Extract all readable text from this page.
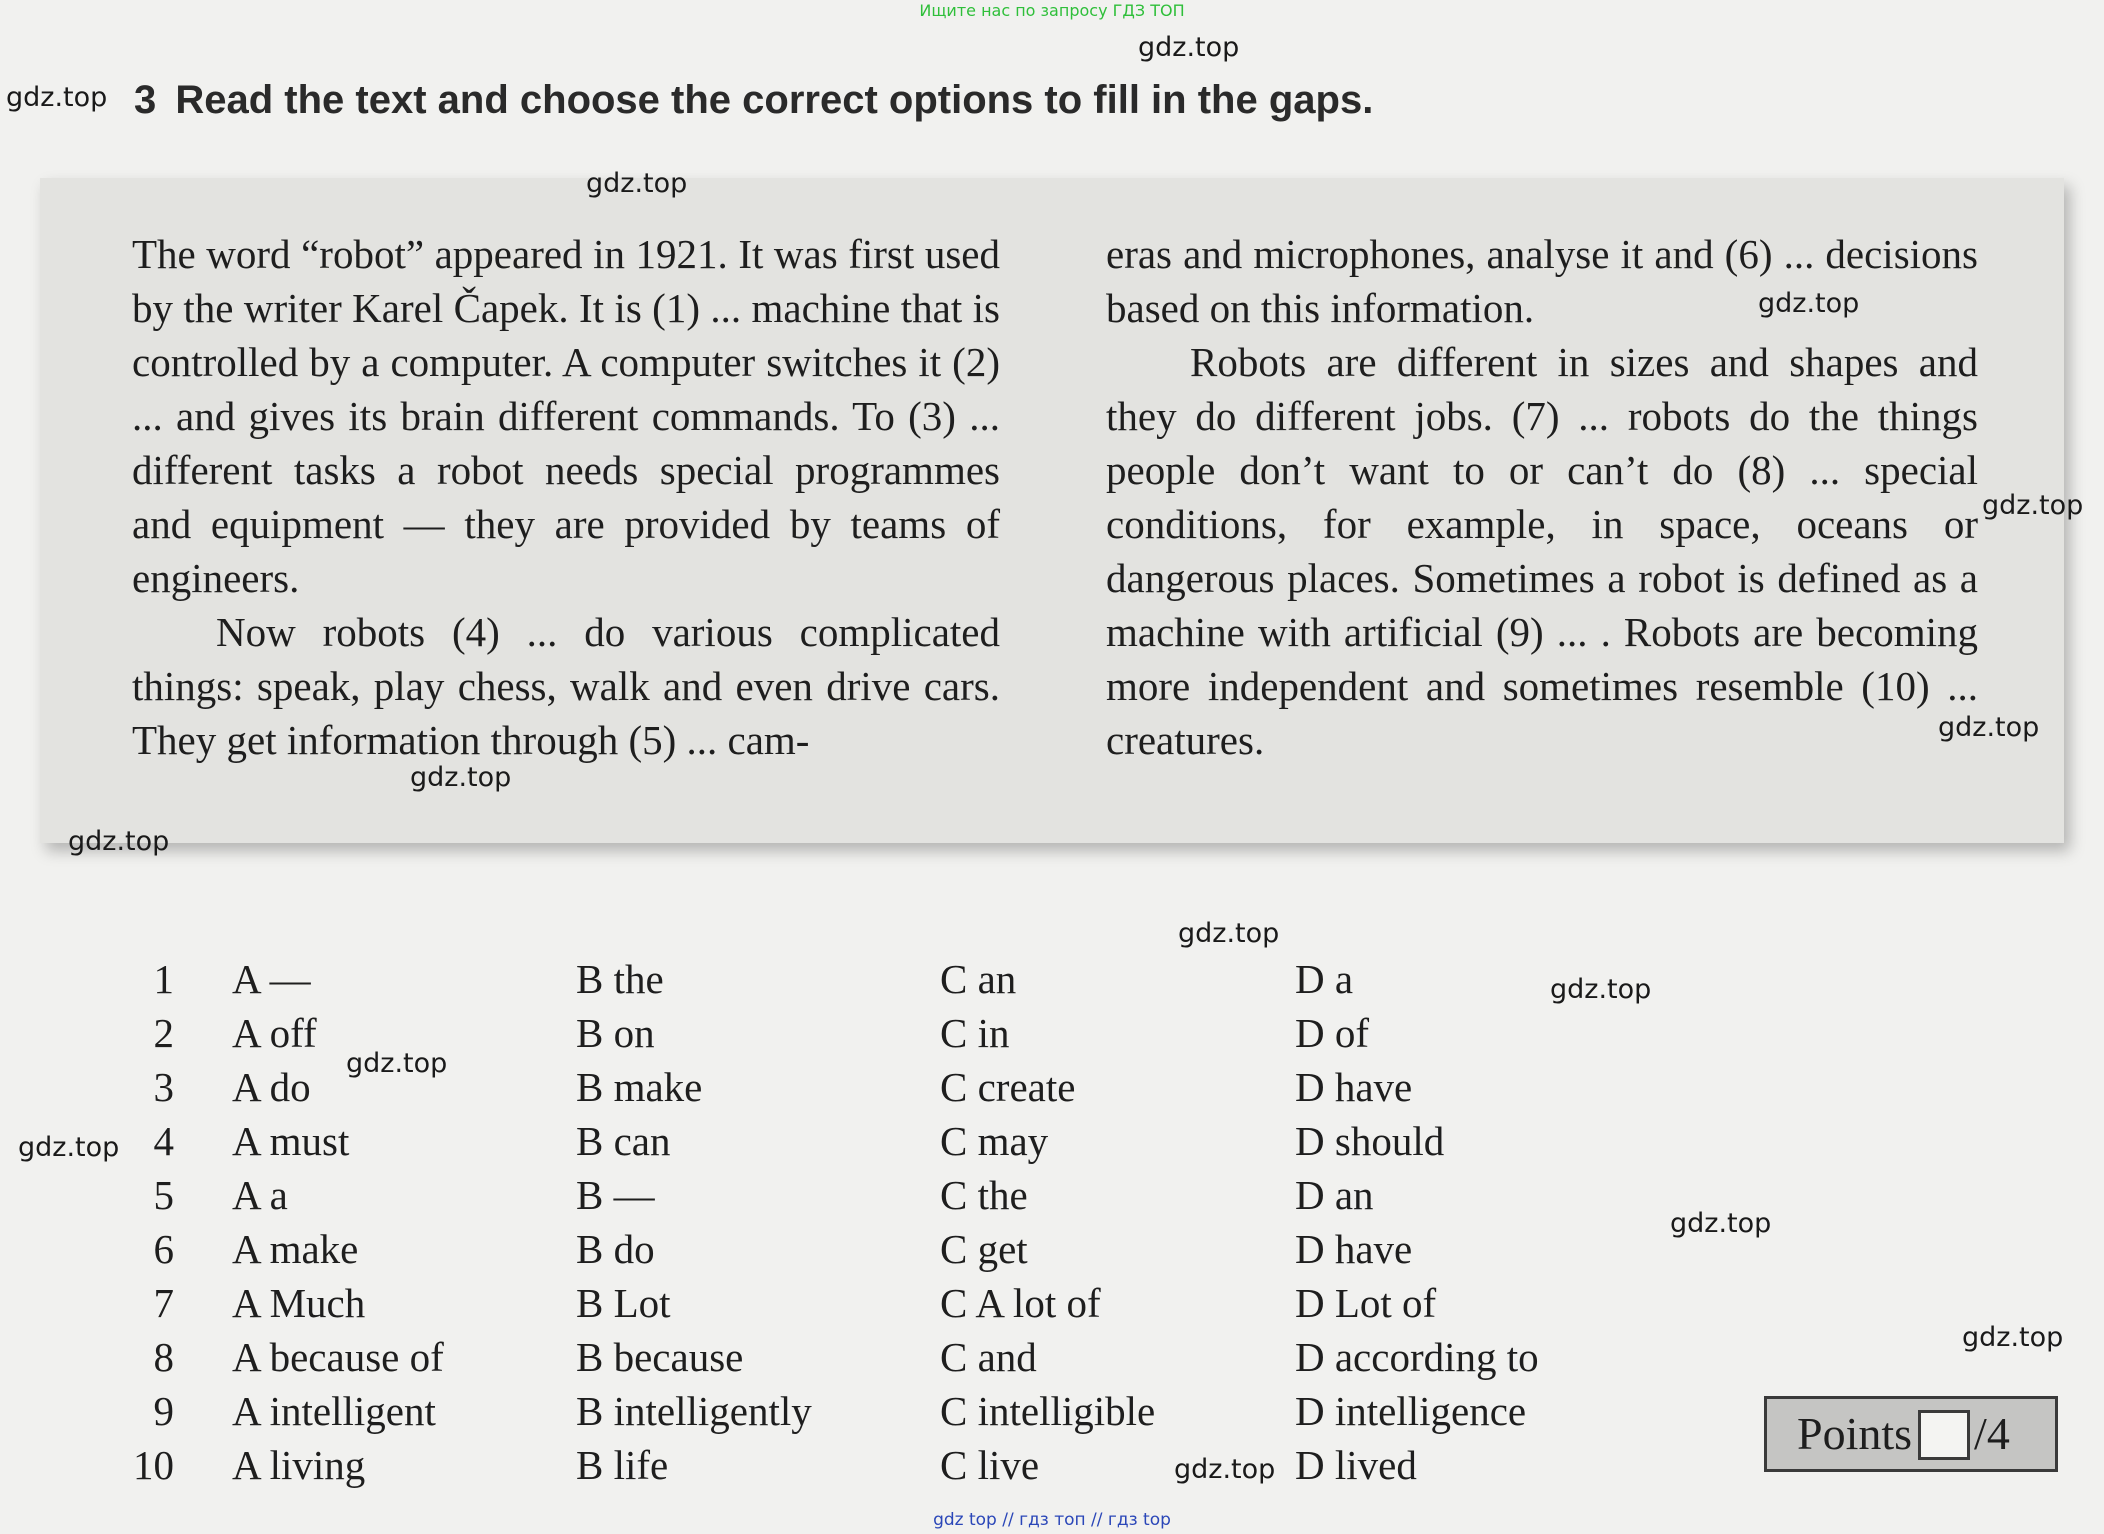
Ищите нас по запросу ГДЗ ТОП
3 Read the text and choose the correct options to fill in the gaps.

The word “robot” appeared in 1921. It was first used by the writer Karel Čapek. It is (1) ... machine that is controlled by a computer. A computer switches it (2) ... and gives its brain different commands. To (3) ... different tasks a robot needs special programmes and equipment — they are provided by teams of engineers.

Now robots (4) ... do various complicated things: speak, play chess, walk and even drive cars. They get information through (5) ... cam-

eras and microphones, analyse it and (6) ... decisions based on this information.

Robots are different in sizes and shapes and they do different jobs. (7) ... robots do the things people don’t want to or can’t do (8) ... special conditions, for example, in space, oceans or dangerous places. Sometimes a robot is defined as a machine with artificial (9) ... . Robots are becoming more independent and sometimes resemble (10) ... creatures.

1 A —	B the	C an	D a
2 A off	B on	C in	D of
3 A do	B make	C create	D have
4 A must	B can	C may	D should
5 A a	B —	C the	D an
6 A make	B do	C get	D have
7 A Much	B Lot	C A lot of	D Lot of
8 A because of	B because	C and	D according to
9 A intelligent	B intelligently	C intelligible	D intelligence
10 A living	B life	C live	D lived
Points /4
gdz.top
gdz.top
gdz.top
gdz.top
gdz.top
gdz.top
gdz.top
gdz.top
gdz.top
gdz.top
gdz.top
gdz.top
gdz.top
gdz.top
gdz.top
gdz top // гдз топ // гдз top
